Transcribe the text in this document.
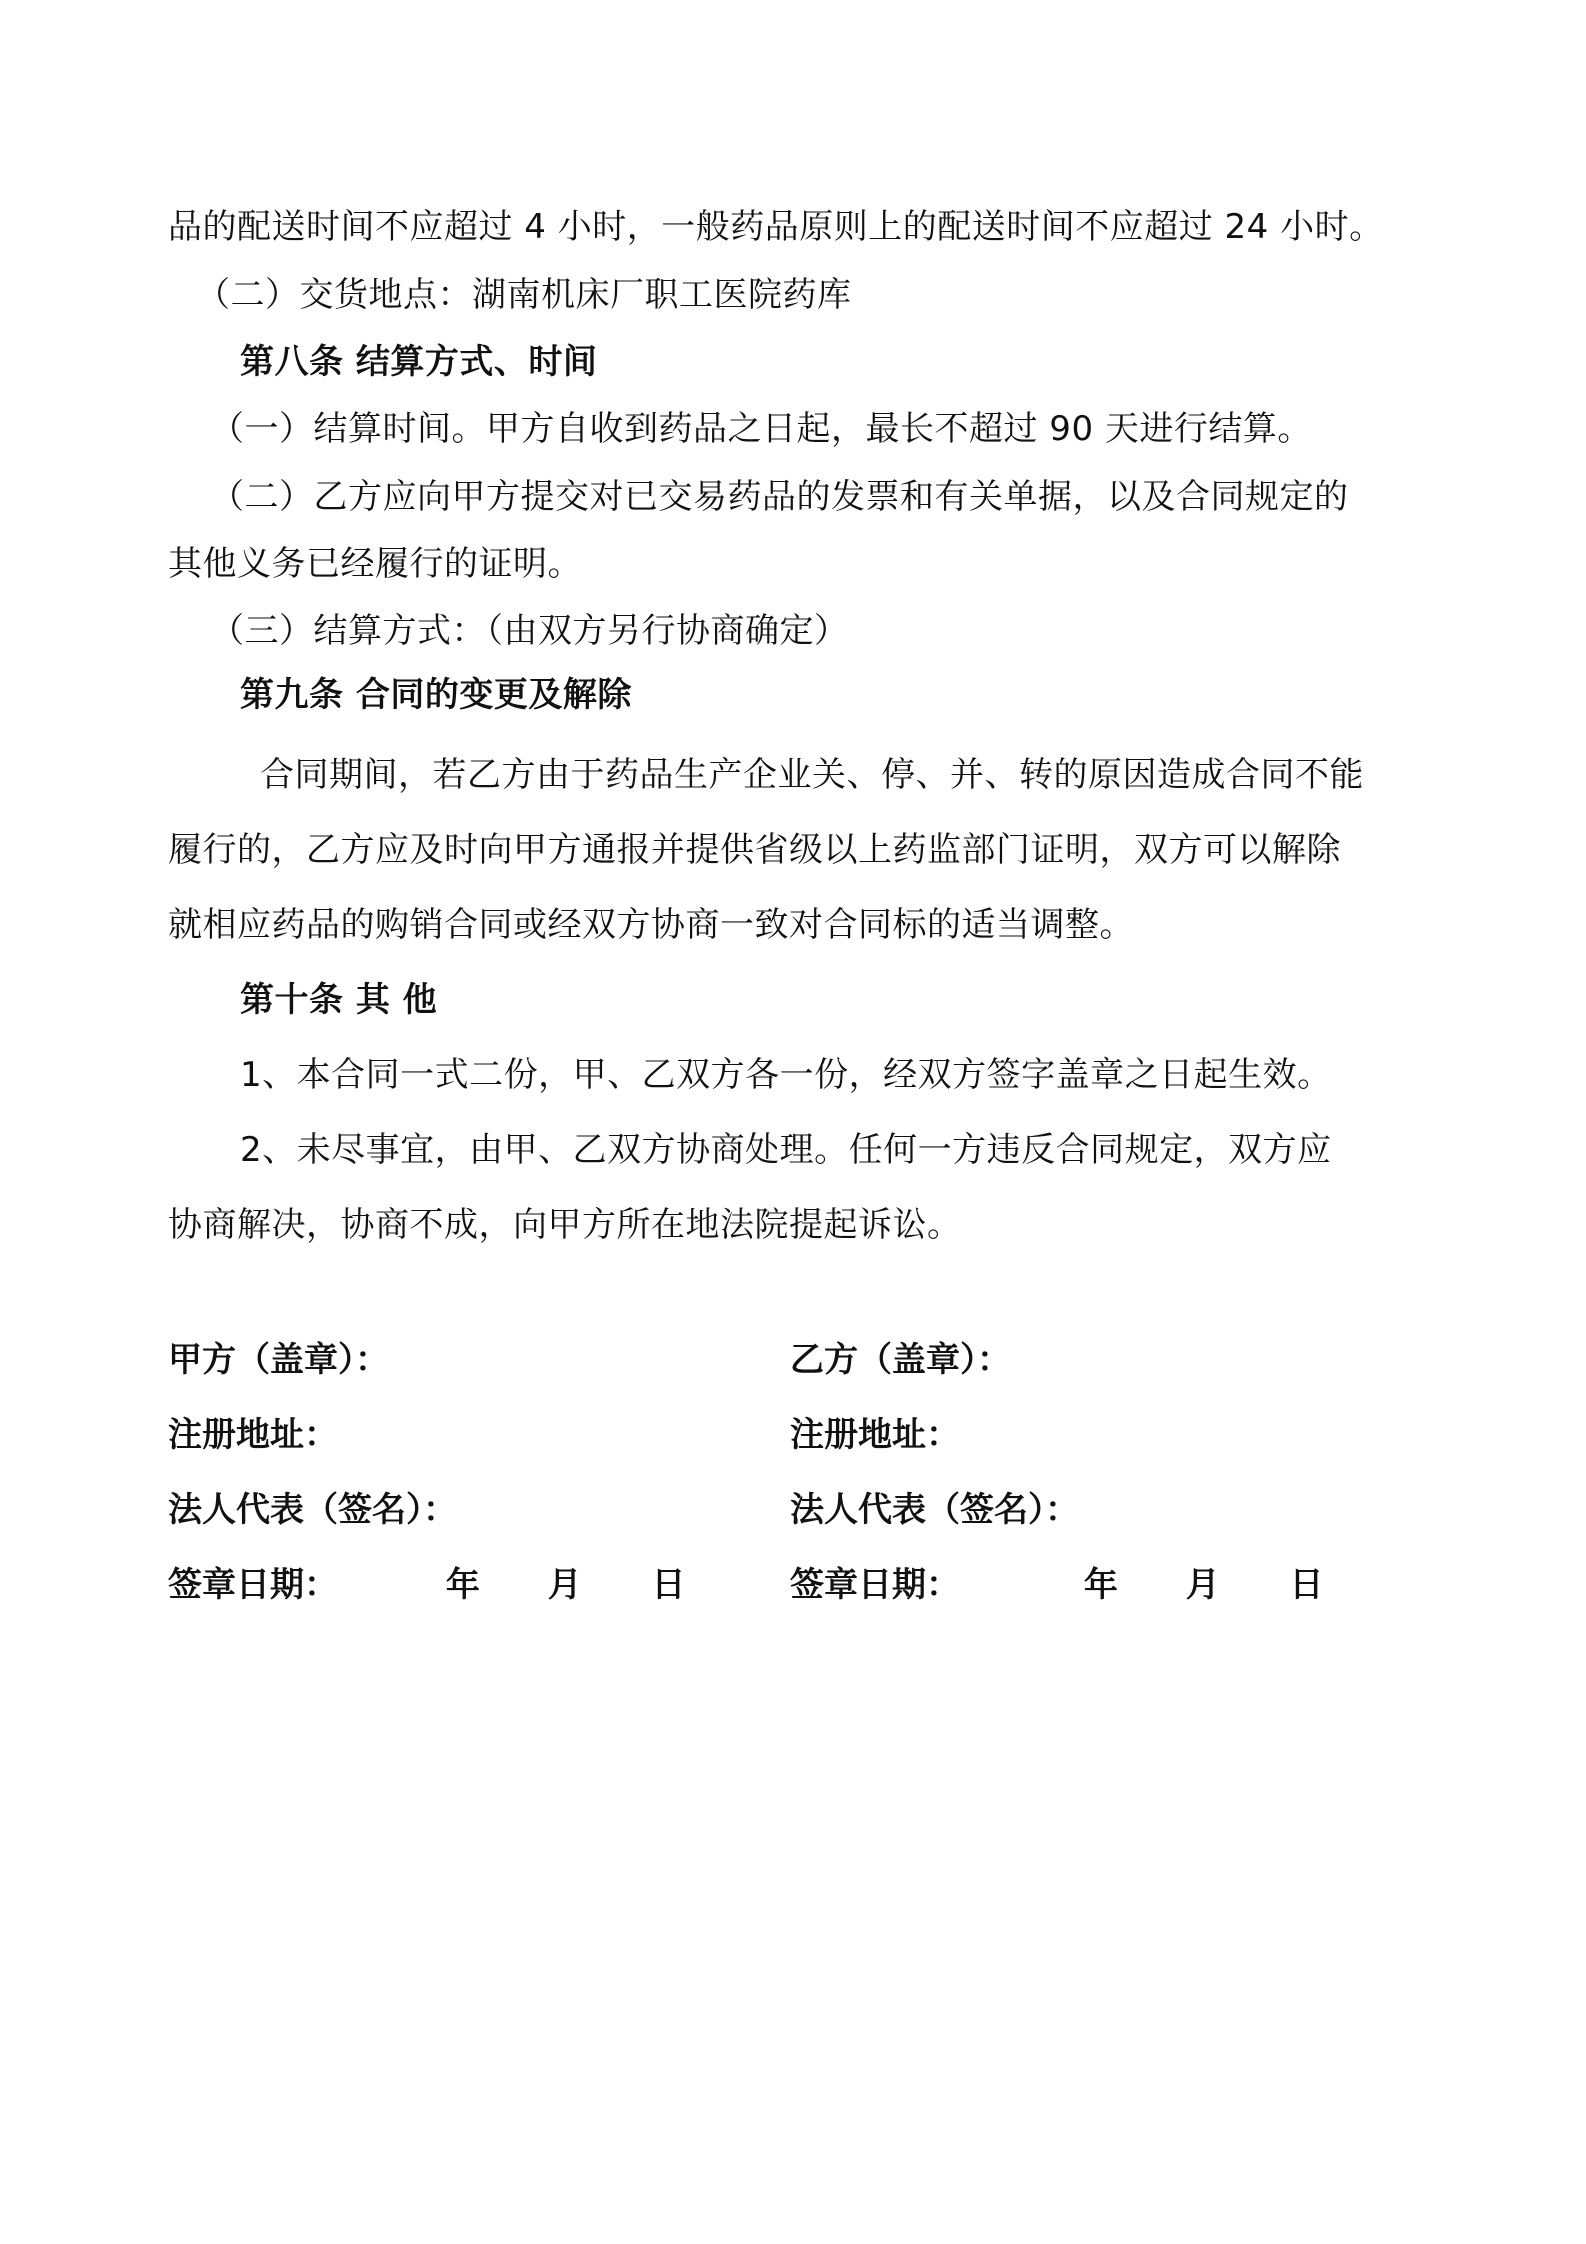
品的配送时间不应超过 4 小时，一般药品原则上的配送时间不应超过 24 小时。
（二）交货地点：湖南机床厂职工医院药库
第八条 结算方式、时间
（一）结算时间。甲方自收到药品之日起，最长不超过 90 天进行结算。
（二）乙方应向甲方提交对已交易药品的发票和有关单据，以及合同规定的
其他义务已经履行的证明。
（三）结算方式：（由双方另行协商确定）
第九条 合同的变更及解除
合同期间，若乙方由于药品生产企业关、停、并、转的原因造成合同不能
履行的，乙方应及时向甲方通报并提供省级以上药监部门证明，双方可以解除
就相应药品的购销合同或经双方协商一致对合同标的适当调整。
第十条 其 他
1、本合同一式二份，甲、乙双方各一份，经双方签字盖章之日起生效。
2、未尽事宜，由甲、乙双方协商处理。任何一方违反合同规定，双方应
协商解决，协商不成，向甲方所在地法院提起诉讼。
甲方（盖章）：
注册地址：
法人代表（签名）：
签章日期：	年 月 日
乙方（盖章）：
注册地址：
法人代表（签名）：
签章日期：	年 月 日
